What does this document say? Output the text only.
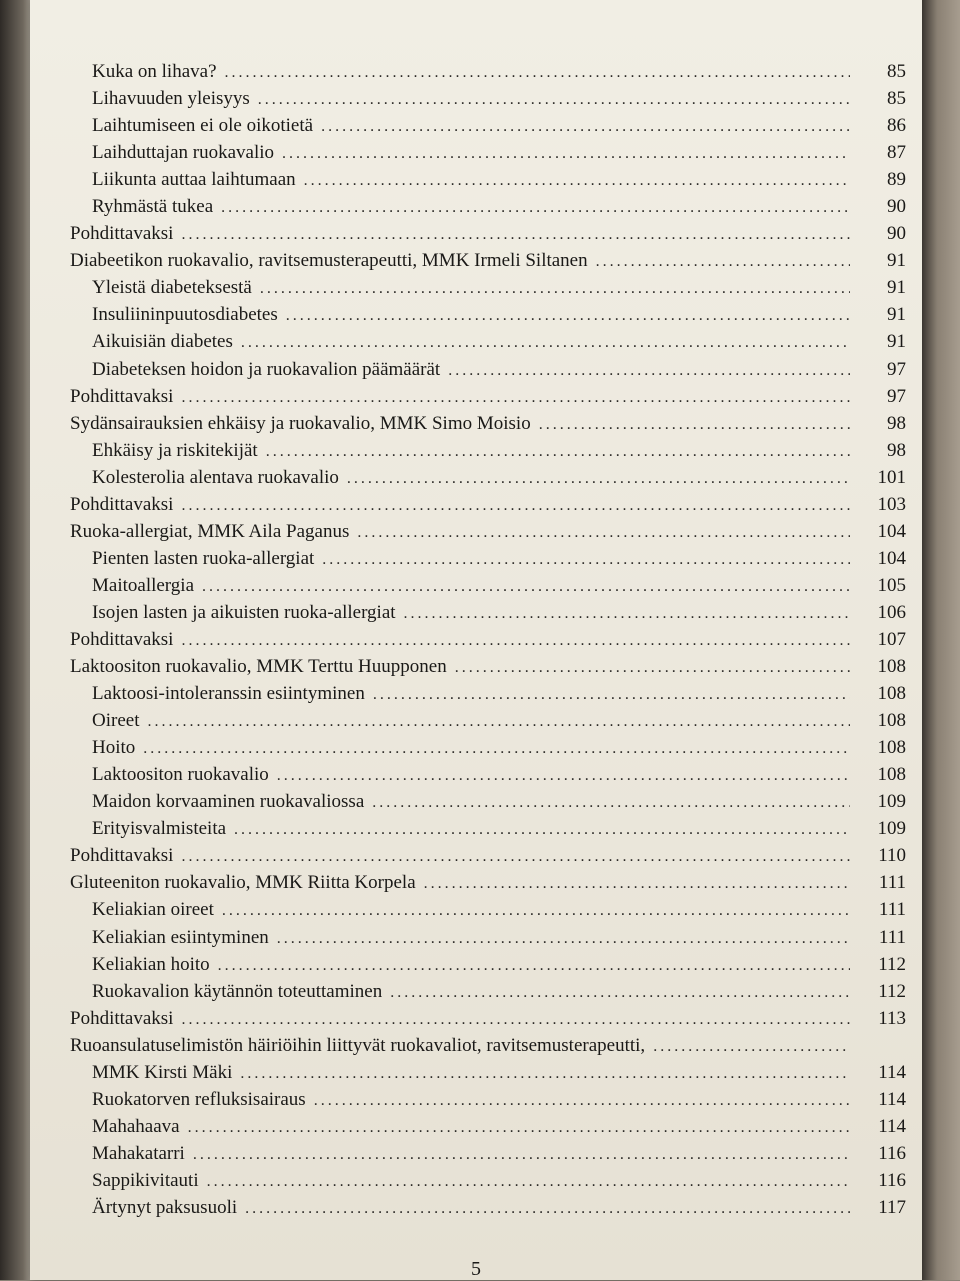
Kuka on lihava? .....	85
Lihavuuden yleisyys .....	85
Laihtumiseen ei ole oikotietä .....	86
Laihduttajan ruokavalio .....	87
Liikunta auttaa laihtumaan .....	89
Ryhmästä tukea .....	90
Pohdittavaksi .....	90
Diabeetikon ruokavalio, ravitsemusterapeutti, MMK Irmeli Siltanen .....	91
Yleistä diabeteksestä .....	91
Insuliininpuutosdiabetes .....	91
Aikuisiän diabetes .....	91
Diabeteksen hoidon ja ruokavalion päämäärät .....	97
Pohdittavaksi .....	97
Sydänsairauksien ehkäisy ja ruokavalio, MMK Simo Moisio .....	98
Ehkäisy ja riskitekijät .....	98
Kolesterolia alentava ruokavalio .....	101
Pohdittavaksi .....	103
Ruoka-allergiat, MMK Aila Paganus .....	104
Pienten lasten ruoka-allergiat .....	104
Maitoallergia .....	105
Isojen lasten ja aikuisten ruoka-allergiat .....	106
Pohdittavaksi .....	107
Laktoositon ruokavalio, MMK Terttu Huupponen .....	108
Laktoosi-intoleranssin esiintyminen .....	108
Oireet .....	108
Hoito .....	108
Laktoositon ruokavalio .....	108
Maidon korvaaminen ruokavaliossa .....	109
Erityisvalmisteita .....	109
Pohdittavaksi .....	110
Gluteeniton ruokavalio, MMK Riitta Korpela .....	111
Keliakian oireet .....	111
Keliakian esiintyminen .....	111
Keliakian hoito .....	112
Ruokavalion käytännön toteuttaminen .....	112
Pohdittavaksi .....	113
Ruoansulatuselimistön häiriöihin liittyvät ruokavaliot, ravitsemusterapeutti,
.....
MMK Kirsti Mäki .....	114
Ruokatorven refluksisairaus .....	114
Mahahaava .....	114
Mahakatarri .....	116
Sappikivitauti .....	116
Ärtynyt paksusuoli .....	117
5
